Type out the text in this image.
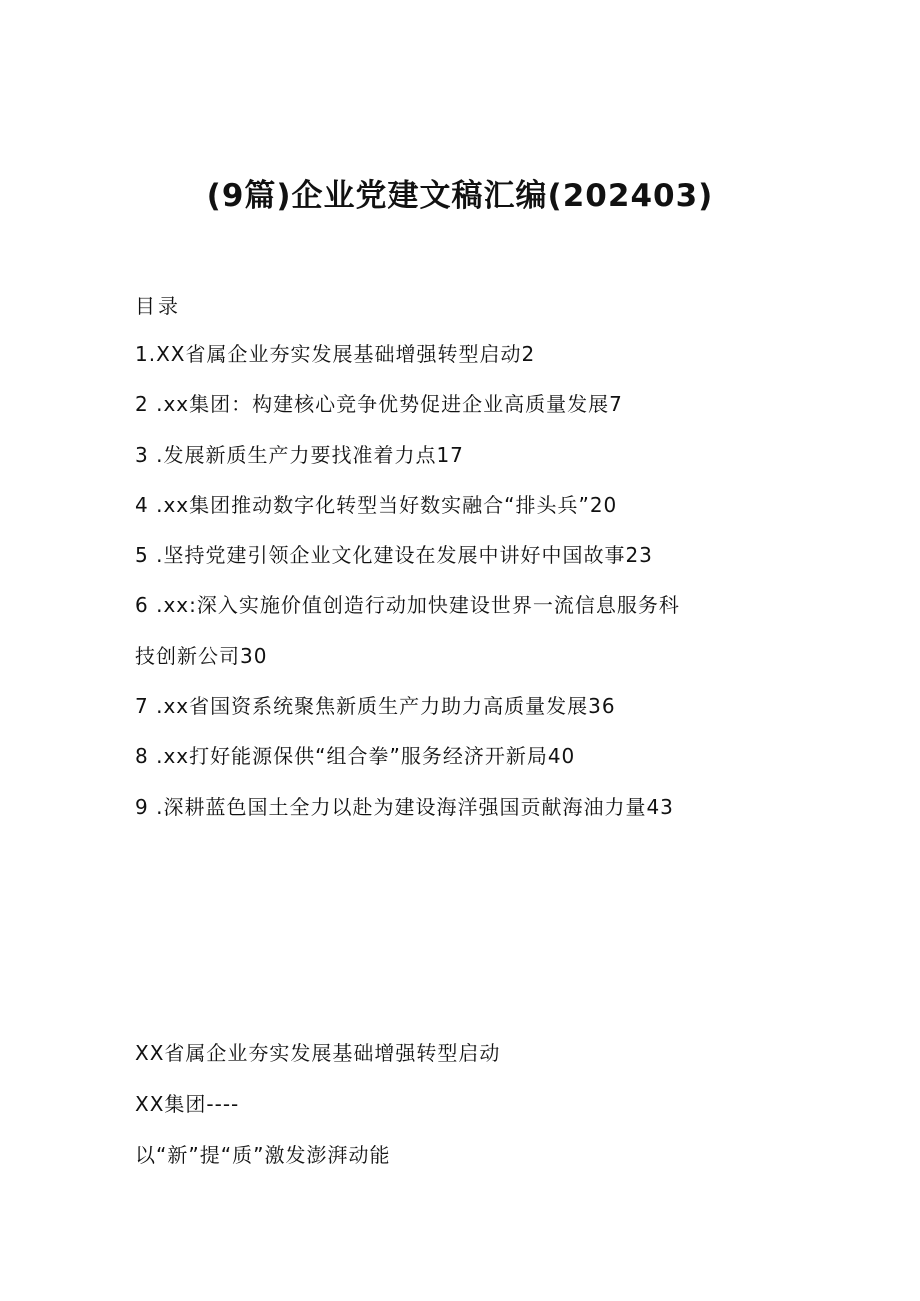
(9篇)企业党建文稿汇编(202403)
目录
1.XX省属企业夯实发展基础增强转型启动2
2 .xx集团：构建核心竞争优势促进企业高质量发展7
3 .发展新质生产力要找准着力点17
4 .xx集团推动数字化转型当好数实融合“排头兵”20
5 .坚持党建引领企业文化建设在发展中讲好中国故事23
6 .xx:深入实施价值创造行动加快建设世界一流信息服务科
技创新公司30
7 .xx省国资系统聚焦新质生产力助力高质量发展36
8 .xx打好能源保供“组合拳”服务经济开新局40
9 .深耕蓝色国土全力以赴为建设海洋强国贡献海油力量43
XX省属企业夯实发展基础增强转型启动
XX集团----
以“新”提“质”激发澎湃动能
